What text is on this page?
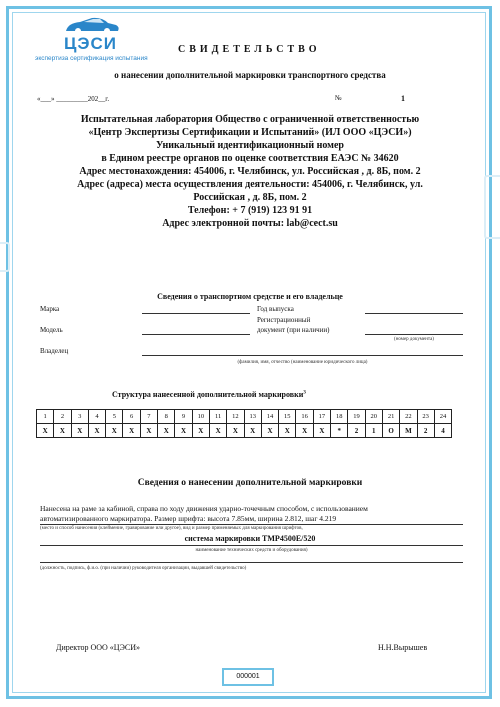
ЦЭСИ
экспертиза сертификация испытания
СВИДЕТЕЛЬСТВО
о нанесении дополнительной маркировки транспортного средства
«___» _________202__г.	№	1
Испытательная лаборатория Общество с ограниченной ответственностью
«Центр Экспертизы Сертификации и Испытаний» (ИЛ ООО «ЦЭСИ»)
Уникальный идентификационный номер
в Едином реестре органов по оценке соответствия ЕАЭС № 34620
Адрес местонахождения: 454006, г. Челябинск, ул. Российская , д. 8Б, пом. 2
Адрес (адреса) места осуществления деятельности: 454006, г. Челябинск, ул.
Российская , д. 8Б, пом. 2
Телефон: + 7 (919) 123 91 91
Адрес электронной почты: lab@cect.su
Сведения о транспортном средстве и его владельце
Марка	Год выпуска
Регистрационный
Модель	документ (при наличии)
(номер документа)
Владелец
(фамилия, имя, отчество (наименование юридического лица)
Структура нанесенной дополнительной маркировки$^3$
1	2	3	4	5	6	7	8	9	10	11	12	13	14	15	16	17	18	19	20	21	22	23	24
X	X	X	X	X	X	X	X	X	X	X	X	X	X	X	X	X	*	2	1	O	M	2	4
Сведения о нанесении дополнительной маркировки
Нанесена на раме за кабиной, справа по ходу движения ударно-точечным способом, с использованием
автоматизированного маркиратора. Размер шрифта: высота 7.85мм, ширина 2.812, шаг 4.219
(место и способ нанесения (клеймение, гравирование или другое), вид и размер применяемых для маркирования шрифтов,
система маркировки TMP4500E/520
наименование технических средств и оборудования)
(должность, подпись, ф.и.о. (при наличии) руководителя организации, выдавшей свидетельство)
Директор ООО «ЦЭСИ»	Н.Н.Вырышев
000001
